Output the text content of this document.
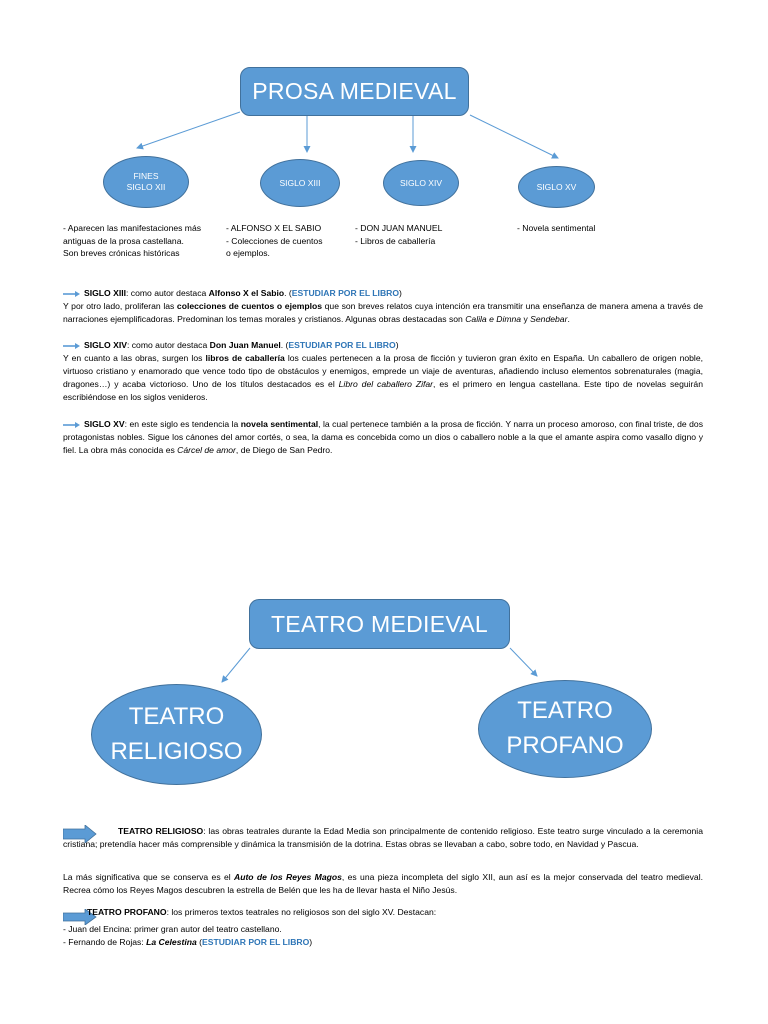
PROSA MEDIEVAL
FINES
SIGLO XII	SIGLO XIII	SIGLO XIV	SIGLO XV
- Aparecen las manifestaciones más
antiguas de la prosa castellana.
Son breves crónicas históricas
- ALFONSO X EL SABIO
- Colecciones de cuentos
o ejemplos.
- DON JUAN MANUEL
- Libros de caballería
- Novela sentimental
SIGLO XIII: como autor destaca Alfonso X el Sabio. (ESTUDIAR POR EL LIBRO)
Y por otro lado, proliferan las colecciones de cuentos o ejemplos que son breves relatos cuya intención era transmitir una enseñanza de manera amena a través de narraciones ejemplificadoras. Predominan los temas morales y cristianos. Algunas obras destacadas son Calila e Dimna y Sendebar.
SIGLO XIV: como autor destaca Don Juan Manuel. (ESTUDIAR POR EL LIBRO)
Y en cuanto a las obras, surgen los libros de caballería los cuales pertenecen a la prosa de ficción y tuvieron gran éxito en España. Un caballero de origen noble, virtuoso cristiano y enamorado que vence todo tipo de obstáculos y enemigos, emprede un viaje de aventuras, añadiendo incluso elementos sobrenaturales (magia, dragones…) y acaba victorioso. Uno de los títulos destacados es el Libro del caballero Zifar, es el primero en lengua castellana. Este tipo de novelas seguirán escribiéndose en los siglos venideros.
SIGLO XV: en este siglo es tendencia la novela sentimental, la cual pertenece también a la prosa de ficción. Y narra un proceso amoroso, con final triste, de dos protagonistas nobles. Sigue los cánones del amor cortés, o sea, la dama es concebida como un dios o caballero noble a la que el amante aspira como vasallo digno y fiel. La obra más conocida es Cárcel de amor, de Diego de San Pedro.
TEATRO MEDIEVAL
TEATRO
RELIGIOSO
TEATRO
PROFANO
TEATRO RELIGIOSO: las obras teatrales durante la Edad Media son principalmente de contenido religioso. Este teatro surge vinculado a la ceremonia cristiana; pretendía hacer más comprensible y dinámica la transmisión de la dotrina. Estas obras se llevaban a cabo, sobre todo, en Navidad y Pascua.
La más significativa que se conserva es el Auto de los Reyes Magos, es una pieza incompleta del siglo XII, aun así es la mejor conservada del teatro medieval. Recrea cómo los Reyes Magos descubren la estrella de Belén que les ha de llevar hasta el Niño Jesús.
TEATRO PROFANO: los primeros textos teatrales no religiosos son del siglo XV. Destacan:
- Juan del Encina: primer gran autor del teatro castellano.
- Fernando de Rojas: La Celestina (ESTUDIAR POR EL LIBRO)
